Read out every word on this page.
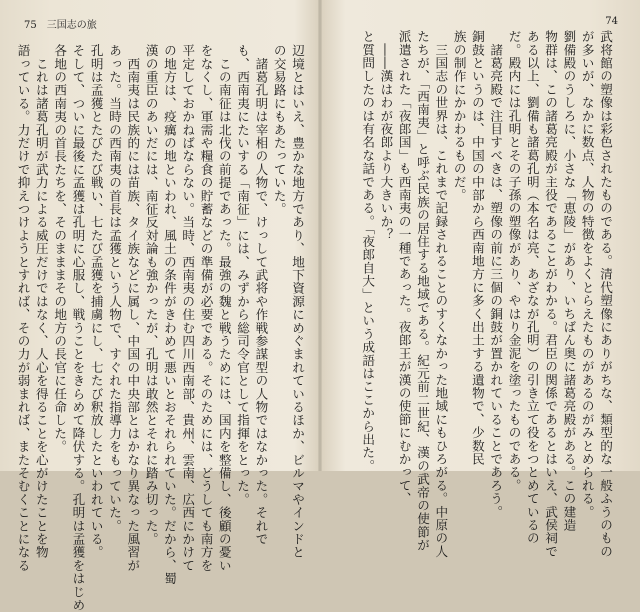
75 三国志の旅
辺境とはいえ、豊かな地方であり、地下資源にめぐまれているほか、ビルマやインドと
の交易路にもあたっていた。
　諸葛孔明は宰相の人物で、けっして武将や作戦参謀型の人物ではなかった。それで
も、西南夷にたいする「南征」には、みずから総司令官として指揮をとった。
　この南征は北伐の前提であった。最強の魏と戦うためには、国内を整備し、後顧の憂い
をなくし、軍需や糧食の貯蓄などの準備が必要である。そのためには、どうしても南方を
平定しておかねばならない。当時、西南夷の住む四川西南部、貴州、雲南、広西にかけて
の地方は、疫癘の地といわれ、風土の条件がきわめて悪いとおそれられていた。だから、蜀
漢の重臣のあいだには、南征反対論も強かったが、孔明は敢然とそれに踏み切った。
　西南夷は民族的には苗族、タイ族などに属し、中国の中央部とはかなり異なった風習が
あった。当時の西南夷の首長は孟獲という人物で、すぐれた指導力をもっていた。
孔明は孟獲とたびたび戦い、七たび孟獲を捕虜にし、七たび釈放したといわれている。
そして、ついに最後に孟獲は孔明に心服し、戦うことをきらめて降伏する。孔明は孟獲をはじめ
各地の西南夷の首長たちを、そのまままその地方の長官に任命した。
　これは諸葛孔明が武力による威圧だけではなく、人心を得ることを心がけたことを物
語っている。力だけで抑えつけようとすれば、その力が弱まれば、またそむくことになる
74
武将館の塑像は彩色されたものである。清代塑像にありがちな、類型的な一般ふうのもの
が多いが、なかに数点、人物の特徴をよくとらえたものがあるのがみとめられる。
劉備殿のうしろに、小さな「恵陵」があり、いちばん奥に諸葛亮殿がある。この建造
物群は、この諸葛亮殿が主役であることがわかる。君臣の関係であるとはいえ、武侯祠で
ある以上、劉備も諸葛孔明（本名は亮、あざなが孔明）の引き立て役をつとめているの
だ。殿内には孔明とその子孫の塑像があり、やはり金泥を塗ったものである。
　諸葛亮殿で注目すべきは、塑像の前に三個の銅鼓が置かれていることであろう。
銅鼓というのは、中国の中部から西南地方に多く出土する遺物で、少数民
族の制作にかかわるものだ。
　三国志の世界は、これまで記録されることのすくなかった地域にもひろがる。中原の人
たちが、「西南夷」と呼ぶ民族の居住する地域である。紀元前二世紀、漢の武帝の使節が
派遣された「夜郎国」も西南夷の一種であった。夜郎王が漢の使節にむかって、
　――漢はわが夜郎より大きいか？
と質問したのは有名な話である。「夜郎自大」という成語はここから出た。
